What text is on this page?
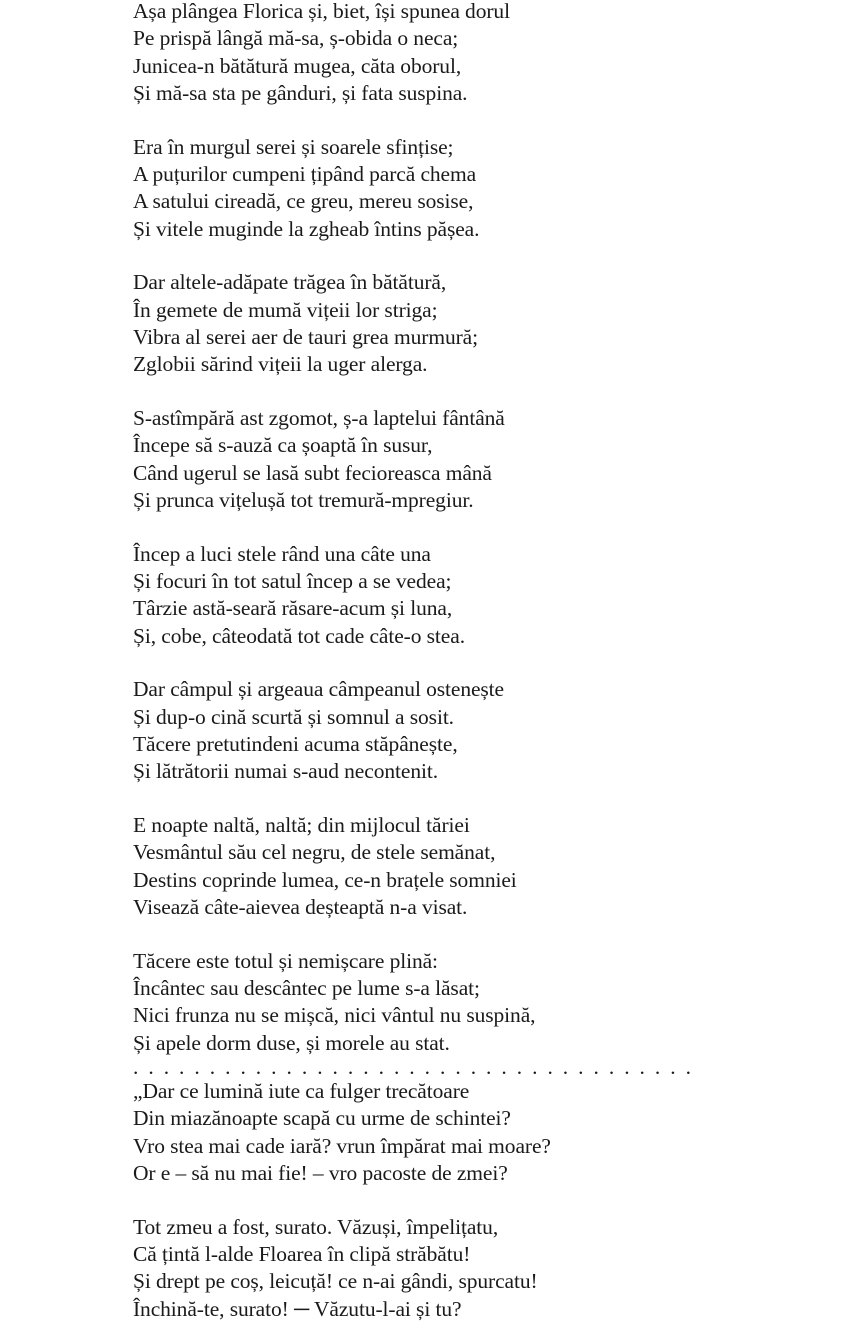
Așa plângea Florica și, biet, își spunea dorul
Pe prispă lângă mă-sa, ș-obida o neca;
Junicea-n bătătură mugea, căta oborul,
Și mă-sa sta pe gânduri, și fata suspina.
Era în murgul serei și soarele sfințise;
A puțurilor cumpeni țipând parcă chema
A satului cireadă, ce greu, mereu sosise,
Și vitele muginde la zgheab întins pășea.
Dar altele-adăpate trăgea în bătătură,
În gemete de mumă vițeii lor striga;
Vibra al serei aer de tauri grea murmură;
Zglobii sărind vițeii la uger alerga.
S-astîmpără ast zgomot, ș-a laptelui fântână
Începe să s-auză ca șoaptă în susur,
Când ugerul se lasă subt fecioreasca mână
Și prunca vițelușă tot tremură-mpregiur.
Încep a luci stele rând una câte una
Și focuri în tot satul încep a se vedea;
Târzie astă-seară răsare-acum și luna,
Și, cobe, câteodată tot cade câte-o stea.
Dar câmpul și argeaua câmpeanul ostenește
Și dup-o cină scurtă și somnul a sosit.
Tăcere pretutindeni acuma stăpânește,
Și lătrătorii numai s-aud necontenit.
E noapte naltă, naltă; din mijlocul tăriei
Vesmântul său cel negru, de stele semănat,
Destins coprinde lumea, ce-n brațele somniei
Visează câte-aievea deșteaptă n-a visat.
Tăcere este totul și nemișcare plină:
Încântec sau descântec pe lume s-a lăsat;
Nici frunza nu se mișcă, nici vântul nu suspină,
Și apele dorm duse, și morele au stat.
. . . . . . . . . . . . . . . . . . . . . . . . . . . . . . . . . . . . .
„Dar ce lumină iute ca fulger trecătoare
Din miazănoapte scapă cu urme de schintei?
Vro stea mai cade iară? vrun împărat mai moare?
Or e – să nu mai fie! – vro pacoste de zmei?
Tot zmeu a fost, surato. Văzuși, împelițatu,
Că țintă l-alde Floarea în clipă străbătu!
Și drept pe coș, leicuță! ce n-ai gândi, spurcatu!
Închină-te, surato! ─ Văzutu-l-ai și tu?
